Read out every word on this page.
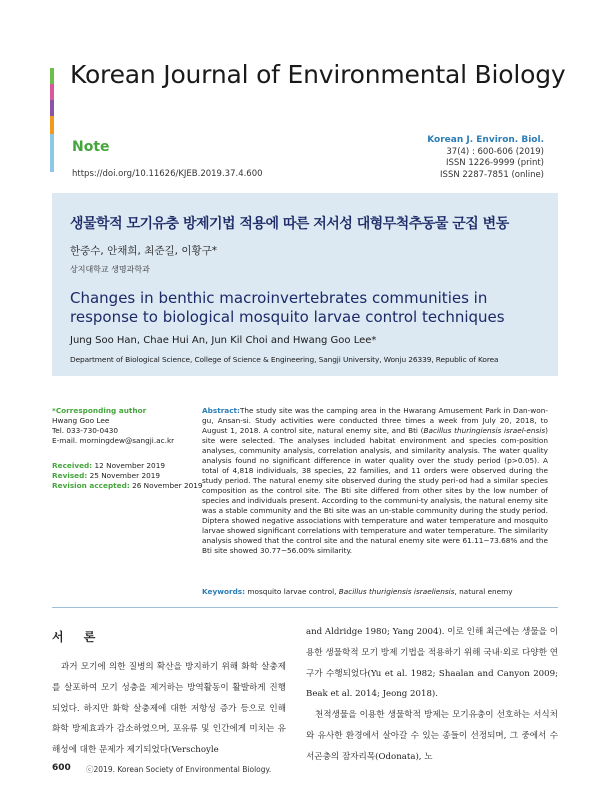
Korean Journal of Environmental Biology
Note
https://doi.org/10.11626/KJEB.2019.37.4.600
Korean J. Environ. Biol.
37(4) : 600-606 (2019)
ISSN 1226-9999 (print)
ISSN 2287-7851 (online)
생물학적 모기유충 방제기법 적용에 따른 저서성 대형무척추동물 군집 변동
한중수, 안채희, 최준길, 이황구*
상지대학교 생명과학과
Changes in benthic macroinvertebrates communities in response to biological mosquito larvae control techniques
Jung Soo Han, Chae Hui An, Jun Kil Choi and Hwang Goo Lee*
Department of Biological Science, College of Science & Engineering, Sangji University, Wonju 26339, Republic of Korea
*Corresponding author
Hwang Goo Lee
Tel. 033-730-0430
E-mail. morningdew@sangji.ac.kr
Received: 12 November 2019
Revised: 25 November 2019
Revision accepted: 26 November 2019
Abstract:The study site was the camping area in the Hwarang Amusement Park in Dan-won-gu, Ansan-si. Study activities were conducted three times a week from July 20, 2018, to August 1, 2018. A control site, natural enemy site, and Bti (Bacillus thuringiensis israel-ensis) site were selected. The analyses included habitat environment and species com-position analyses, community analysis, correlation analysis, and similarity analysis. The water quality analysis found no significant difference in water quality over the study period (p>0.05). A total of 4,818 individuals, 38 species, 22 families, and 11 orders were observed during the study period. The natural enemy site observed during the study peri-od had a similar species composition as the control site. The Bti site differed from other sites by the low number of species and individuals present. According to the communi-ty analysis, the natural enemy site was a stable community and the Bti site was an un-stable community during the study period. Diptera showed negative associations with temperature and water temperature and mosquito larvae showed significant correlations with temperature and water temperature. The similarity analysis showed that the control site and the natural enemy site were 61.11−73.68% and the Bti site showed 30.77−56.00% similarity.
Keywords: mosquito larvae control, Bacillus thurigiensis israeliensis, natural enemy
서 론

과거 모기에 의한 질병의 확산을 방지하기 위해 화학 살충제를 살포하여 모기 성충을 제거하는 방역활동이 활발하게 진행되었다. 하지만 화학 살충제에 대한 저항성 증가 등으로 인해 화학 방제효과가 감소하였으며, 포유류 및 인간에게 미치는 유해성에 대한 문제가 제기되었다(Verschoyle

and Aldridge 1980; Yang 2004). 이로 인해 최근에는 생물을 이용한 생물학적 모기 방제 기법을 적용하기 위해 국내·외로 다양한 연구가 수행되었다(Yu et al. 1982; Shaalan and Canyon 2009; Beak et al. 2014; Jeong 2018).

천적생물을 이용한 생물학적 방제는 모기유충이 선호하는 서식처와 유사한 환경에서 살아갈 수 있는 종들이 선정되며, 그 중에서 수서곤충의 잠자리목(Odonata), 노

600 ⓒ2019. Korean Society of Environmental Biology.
